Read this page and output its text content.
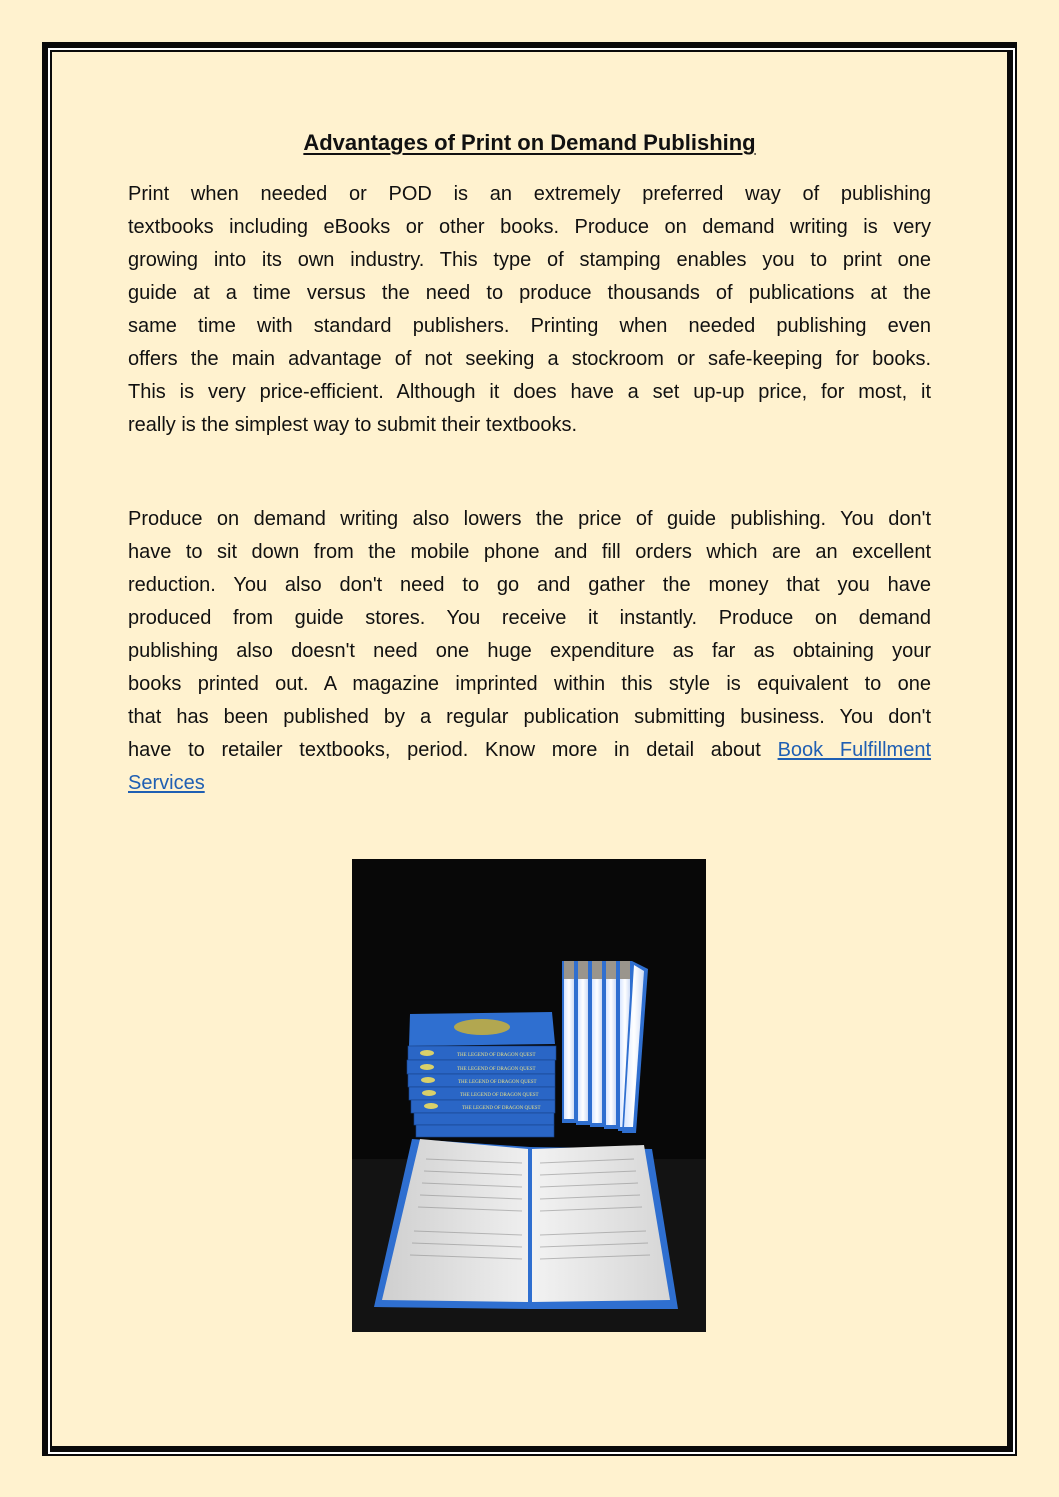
Advantages of Print on Demand Publishing
Print when needed or POD is an extremely preferred way of publishing
textbooks including eBooks or other books. Produce on demand writing is very
growing into its own industry. This type of stamping enables you to print one
guide at a time versus the need to produce thousands of publications at the
same time with standard publishers. Printing when needed publishing even
offers the main advantage of not seeking a stockroom or safe-keeping for books.
This is very price-efficient. Although it does have a set up-up price, for most, it
really is the simplest way to submit their textbooks.
Produce on demand writing also lowers the price of guide publishing. You don't
have to sit down from the mobile phone and fill orders which are an excellent
reduction. You also don't need to go and gather the money that you have
produced from guide stores. You receive it instantly. Produce on demand
publishing also doesn't need one huge expenditure as far as obtaining your
books printed out. A magazine imprinted within this style is equivalent to one
that has been published by a regular publication submitting business. You don't
have to retailer textbooks, period. Know more in detail about Book Fulfillment
Services
THE LEGEND OF DRAGON QUEST
THE LEGEND OF DRAGON QUEST
THE LEGEND OF DRAGON QUEST
THE LEGEND OF DRAGON QUEST
THE LEGEND OF DRAGON QUEST
